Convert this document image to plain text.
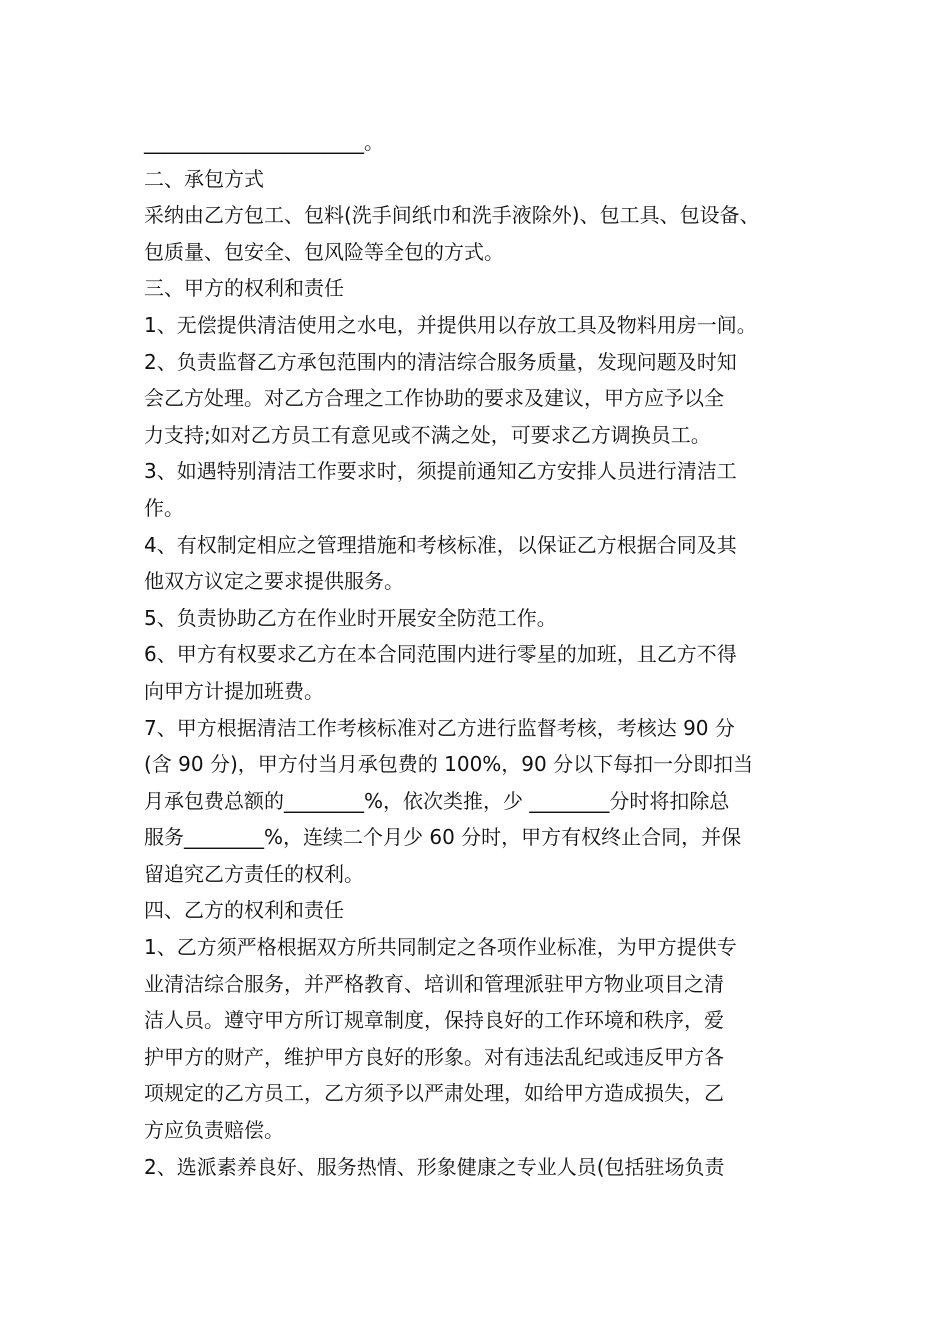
______________________。
二、承包方式
采纳由乙方包工、包料(洗手间纸巾和洗手液除外)、包工具、包设备、
包质量、包安全、包风险等全包的方式。
三、甲方的权利和责任
1、无偿提供清洁使用之水电，并提供用以存放工具及物料用房一间。
2、负责监督乙方承包范围内的清洁综合服务质量，发现问题及时知
会乙方处理。对乙方合理之工作协助的要求及建议，甲方应予以全
力支持;如对乙方员工有意见或不满之处，可要求乙方调换员工。
3、如遇特别清洁工作要求时，须提前通知乙方安排人员进行清洁工
作。
4、有权制定相应之管理措施和考核标准，以保证乙方根据合同及其
他双方议定之要求提供服务。
5、负责协助乙方在作业时开展安全防范工作。
6、甲方有权要求乙方在本合同范围内进行零星的加班，且乙方不得
向甲方计提加班费。
7、甲方根据清洁工作考核标准对乙方进行监督考核，考核达 90 分
(含 90 分)，甲方付当月承包费的 100%，90 分以下每扣一分即扣当
月承包费总额的________%，依次类推，少 ________分时将扣除总
服务________%，连续二个月少 60 分时，甲方有权终止合同，并保
留追究乙方责任的权利。
四、乙方的权利和责任
1、乙方须严格根据双方所共同制定之各项作业标准，为甲方提供专
业清洁综合服务，并严格教育、培训和管理派驻甲方物业项目之清
洁人员。遵守甲方所订规章制度，保持良好的工作环境和秩序，爱
护甲方的财产，维护甲方良好的形象。对有违法乱纪或违反甲方各
项规定的乙方员工，乙方须予以严肃处理，如给甲方造成损失，乙
方应负责赔偿。
2、选派素养良好、服务热情、形象健康之专业人员(包括驻场负责
